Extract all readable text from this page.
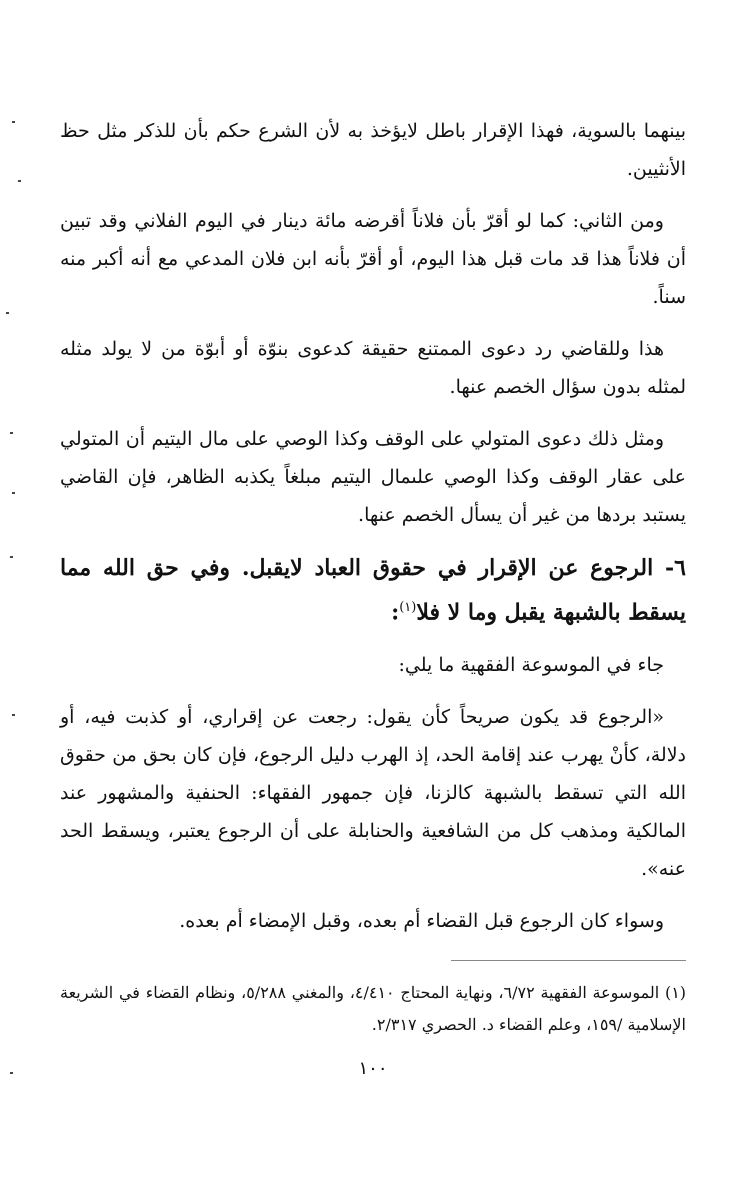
بينهما بالسوية، فهذا الإقرار باطل لايؤخذ به لأن الشرع حكم بأن للذكر مثل حظ الأنثيين.

ومن الثاني: كما لو أقرّ بأن فلاناً أقرضه مائة دينار في اليوم الفلاني وقد تبين أن فلاناً هذا قد مات قبل هذا اليوم، أو أقرّ بأنه ابن فلان المدعي مع أنه أكبر منه سناً.

هذا وللقاضي رد دعوى الممتنع حقيقة كدعوى بنوّة أو أبوّة من لا يولد مثله لمثله بدون سؤال الخصم عنها.

ومثل ذلك دعوى المتولي على الوقف وكذا الوصي على مال اليتيم أن المتولي على عقار الوقف وكذا الوصي علىمال اليتيم مبلغاً يكذبه الظاهر، فإن القاضي يستبد بردها من غير أن يسأل الخصم عنها.

٦- الرجوع عن الإقرار في حقوق العباد لايقبل. وفي حق الله مما يسقط بالشبهة يقبل وما لا فلا$^{(١)}$:

جاء في الموسوعة الفقهية ما يلي:

«الرجوع قد يكون صريحاً كأن يقول: رجعت عن إقراري، أو كذبت فيه، أو دلالة، كأنْ يهرب عند إقامة الحد، إذ الهرب دليل الرجوع، فإن كان بحق من حقوق الله التي تسقط بالشبهة كالزنا، فإن جمهور الفقهاء: الحنفية والمشهور عند المالكية ومذهب كل من الشافعية والحنابلة على أن الرجوع يعتبر، ويسقط الحد عنه».

وسواء كان الرجوع قبل القضاء أم بعده، وقبل الإمضاء أم بعده.

(١) الموسوعة الفقهية ٦/٧٢، ونهاية المحتاج ٤/٤١٠، والمغني ٥/٢٨٨، ونظام القضاء في الشريعة الإسلامية /١٥٩، وعلم القضاء د. الحصري ٢/٣١٧.

١٠٠
